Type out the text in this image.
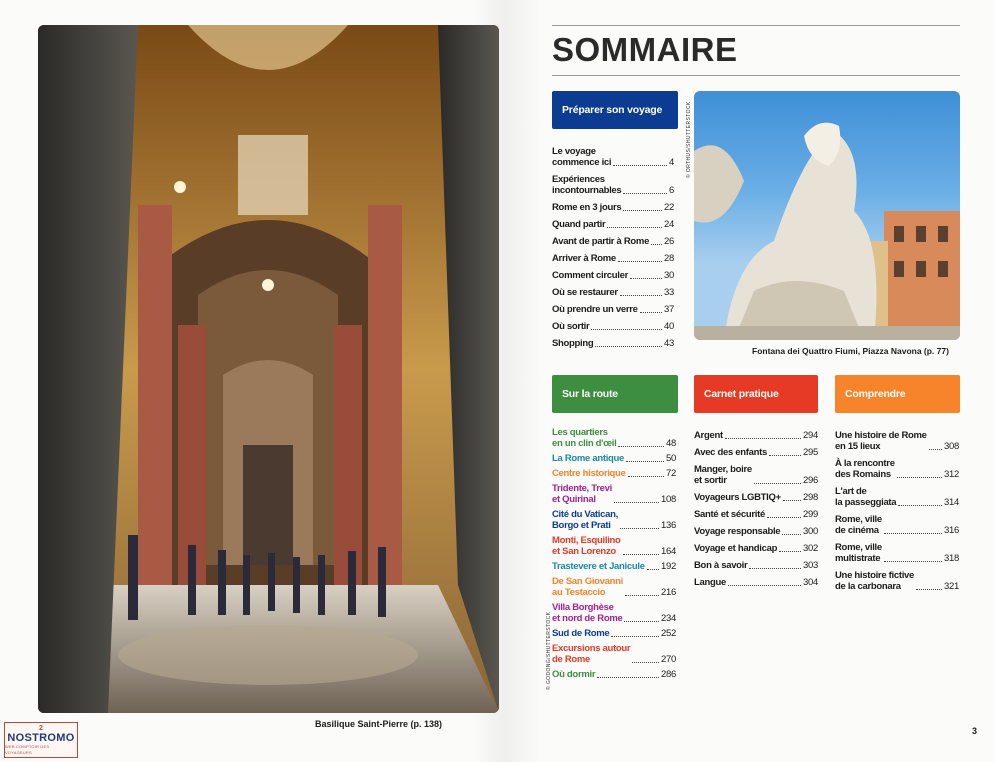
Basilique Saint-Pierre (p. 138)
© GODONG/SHUTTERSTOCK
2
NOSTROMO
WEB COMPTOIR DES VOYAGEURS
SOMMAIRE
Préparer son voyage
Sur la route	Carnet pratique	Comprendre
Le voyage
commence ici	4
Expériences
incontournables	6
Rome en 3 jours	22
Quand partir	24
Avant de partir à Rome 26
Arriver à Rome	28
Comment circuler	30
Où se restaurer	33
Où prendre un verre	37
Où sortir	40
Shopping	43
Les quartiers
en un clin d'œil	48
La Rome antique	50
Centre historique	72
Tridente, Trevi
et Quirinal	108
Cité du Vatican,
Borgo et Prati	136
Monti, Esquilino
et San Lorenzo	164
Trastevere et Janicule 192
De San Giovanni
au Testaccio	216
Villa Borghèse
et nord de Rome	234
Sud de Rome	252
Excursions autour
de Rome	270
Où dormir	286
Argent	294
Avec des enfants	295
Manger, boire
et sortir	296
Voyageurs LGBTIQ+ 298
Santé et sécurité	299
Voyage responsable 300
Voyage et handicap	302
Bon à savoir	303
Langue	304
Une histoire de Rome
en 15 lieux	308
À la rencontre
des Romains	312
L'art de
la passeggiata	314
Rome, ville
de cinéma	316
Rome, ville
multistrate	318
Une histoire fictive
de la carbonara	321
© ORTHUS/SHUTTERSTOCK
Fontana dei Quattro Fiumi, Piazza Navona (p. 77)
3
